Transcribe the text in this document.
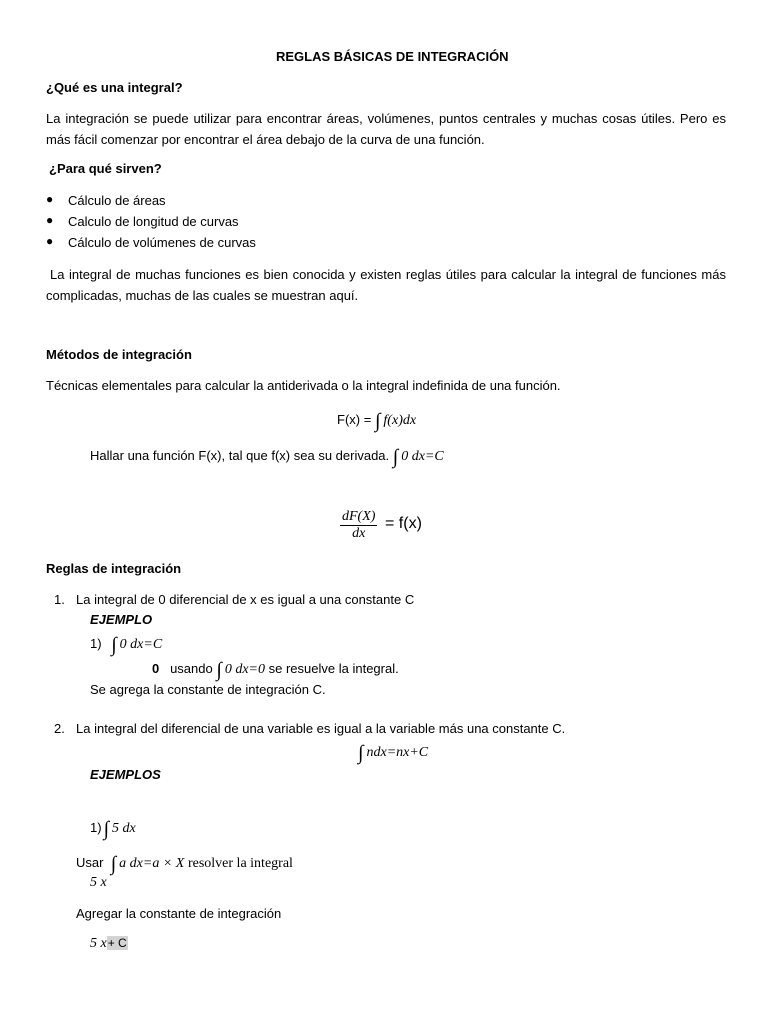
REGLAS BÁSICAS DE INTEGRACIÓN
¿Qué es una integral?
La integración se puede utilizar para encontrar áreas, volúmenes, puntos centrales y muchas cosas útiles. Pero es más fácil comenzar por encontrar el área debajo de la curva de una función.
¿Para qué sirven?
● Cálculo de áreas
● Calculo de longitud de curvas
● Cálculo de volúmenes de curvas
La integral de muchas funciones es bien conocida y existen reglas útiles para calcular la integral de funciones más complicadas, muchas de las cuales se muestran aquí.
Métodos de integración
Técnicas elementales para calcular la antiderivada o la integral indefinida de una función.
F(x) = ∫ f(x)dx
Hallar una función F(x), tal que f(x) sea su derivada. ∫ 0 dx=C
$\frac{dF(X)}{dx} = f(x)$
Reglas de integración
1. La integral de 0 diferencial de x es igual a una constante C
EJEMPLO
1) ∫ 0 dx=C
0 usando ∫ 0 dx=0 se resuelve la integral.
Se agrega la constante de integración C.
2. La integral del diferencial de una variable es igual a la variable más una constante C.
∫ ndx=nx+C
EJEMPLOS
1) ∫ 5 dx
Usar ∫ a dx=a × X resolver la integral
5 x
Agregar la constante de integración
5 x+ C
